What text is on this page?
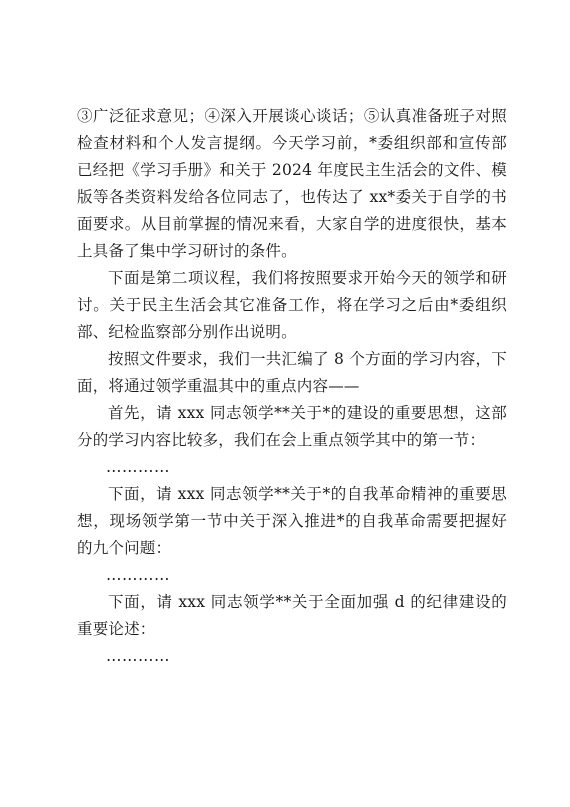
③广泛征求意见；④深入开展谈心谈话；⑤认真准备班子对照检查材料和个人发言提纲。今天学习前，*委组织部和宣传部已经把《学习手册》和关于 2024 年度民主生活会的文件、模版等各类资料发给各位同志了，也传达了 xx*委关于自学的书面要求。从目前掌握的情况来看，大家自学的进度很快，基本上具备了集中学习研讨的条件。

下面是第二项议程，我们将按照要求开始今天的领学和研讨。关于民主生活会其它准备工作，将在学习之后由*委组织部、纪检监察部分别作出说明。

按照文件要求，我们一共汇编了 8 个方面的学习内容，下面，将通过领学重温其中的重点内容——

首先，请 xxx 同志领学**关于*的建设的重要思想，这部分的学习内容比较多，我们在会上重点领学其中的第一节：

…………

下面，请 xxx 同志领学**关于*的自我革命精神的重要思想，现场领学第一节中关于深入推进*的自我革命需要把握好的九个问题：

…………

下面，请 xxx 同志领学**关于全面加强 d 的纪律建设的重要论述：

…………
